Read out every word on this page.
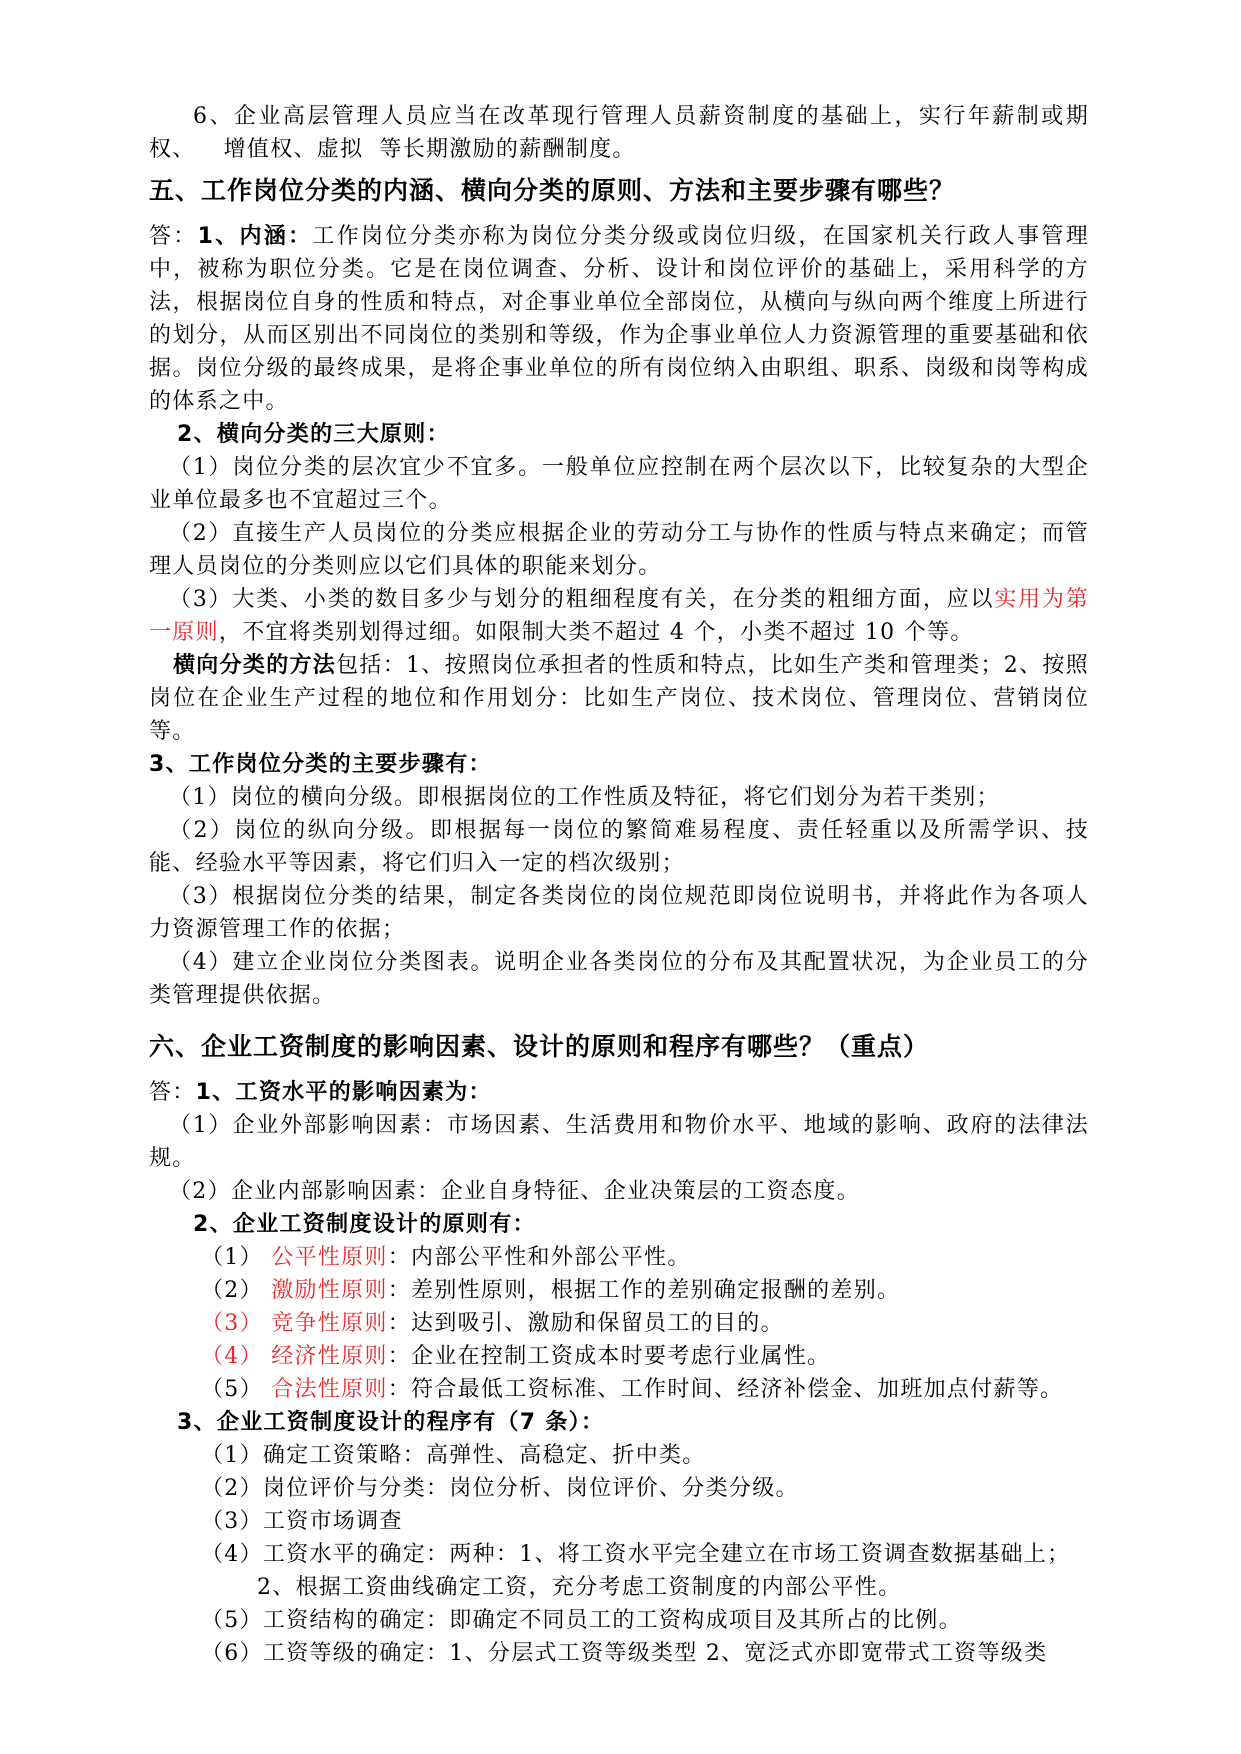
6、企业高层管理人员应当在改革现行管理人员薪资制度的基础上，实行年薪制或期权、 增值权、虚拟 等长期激励的薪酬制度。

五、工作岗位分类的内涵、横向分类的原则、方法和主要步骤有哪些？

答：1、内涵：工作岗位分类亦称为岗位分类分级或岗位归级，在国家机关行政人事管理中，被称为职位分类。它是在岗位调查、分析、设计和岗位评价的基础上，采用科学的方法，根据岗位自身的性质和特点，对企事业单位全部岗位，从横向与纵向两个维度上所进行的划分，从而区别出不同岗位的类别和等级，作为企事业单位人力资源管理的重要基础和依据。岗位分级的最终成果，是将企事业单位的所有岗位纳入由职组、职系、岗级和岗等构成的体系之中。

2、横向分类的三大原则：

（1）岗位分类的层次宜少不宜多。一般单位应控制在两个层次以下，比较复杂的大型企业单位最多也不宜超过三个。

（2）直接生产人员岗位的分类应根据企业的劳动分工与协作的性质与特点来确定；而管理人员岗位的分类则应以它们具体的职能来划分。

（3）大类、小类的数目多少与划分的粗细程度有关，在分类的粗细方面，应以实用为第一原则，不宜将类别划得过细。如限制大类不超过 4 个，小类不超过 10 个等。

横向分类的方法包括：1、按照岗位承担者的性质和特点，比如生产类和管理类；2、按照岗位在企业生产过程的地位和作用划分：比如生产岗位、技术岗位、管理岗位、营销岗位等。

3、工作岗位分类的主要步骤有：

（1）岗位的横向分级。即根据岗位的工作性质及特征，将它们划分为若干类别；

（2）岗位的纵向分级。即根据每一岗位的繁简难易程度、责任轻重以及所需学识、技能、经验水平等因素，将它们归入一定的档次级别；

（3）根据岗位分类的结果，制定各类岗位的岗位规范即岗位说明书，并将此作为各项人力资源管理工作的依据；

（4）建立企业岗位分类图表。说明企业各类岗位的分布及其配置状况，为企业员工的分类管理提供依据。

六、企业工资制度的影响因素、设计的原则和程序有哪些？（重点）

答：1、工资水平的影响因素为：

（1）企业外部影响因素：市场因素、生活费用和物价水平、地域的影响、政府的法律法规。

（2）企业内部影响因素：企业自身特征、企业决策层的工资态度。

2、企业工资制度设计的原则有：

（1） 公平性原则：内部公平性和外部公平性。

（2） 激励性原则：差别性原则，根据工作的差别确定报酬的差别。

（3） 竞争性原则：达到吸引、激励和保留员工的目的。

（4） 经济性原则：企业在控制工资成本时要考虑行业属性。

（5） 合法性原则：符合最低工资标准、工作时间、经济补偿金、加班加点付薪等。

3、企业工资制度设计的程序有（7 条）：

（1）确定工资策略：高弹性、高稳定、折中类。

（2）岗位评价与分类：岗位分析、岗位评价、分类分级。

（3）工资市场调查

（4）工资水平的确定：两种：1、将工资水平完全建立在市场工资调查数据基础上；

2、根据工资曲线确定工资，充分考虑工资制度的内部公平性。

（5）工资结构的确定：即确定不同员工的工资构成项目及其所占的比例。

（6）工资等级的确定：1、分层式工资等级类型 2、宽泛式亦即宽带式工资等级类
